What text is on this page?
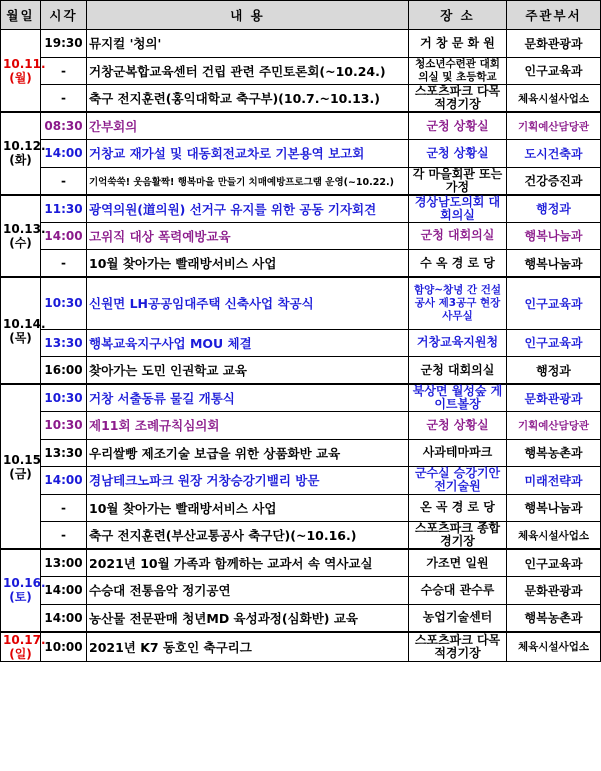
월일	시각	내 용	장 소	주관부서

10.11.
(월)	19:30	뮤지컬 '청의'	거 창 문 화 원	문화관광과
	-	거창군복합교육센터 건립 관련 주민토론회(~10.24.)	청소년수련관 대회의실 및 초등학교	인구교육과
	-	축구 전지훈련(홍익대학교 축구부)(10.7.~10.13.)	스포츠파크 다목적경기장	체육시설사업소

10.12.
(화)	08:30	간부회의	군청 상황실	기획예산담당관
	14:00	거창교 재가설 및 대동회전교차로 기본용역 보고회	군청 상황실	도시건축과
	-	기억쑥쑥! 웃음활짝! 행복마을 만들기 치매예방프로그램 운영(~10.22.)	각 마을회관 또는 가정	건강증진과

10.13.
(수)	11:30	광역의원(道의원) 선거구 유지를 위한 공동 기자회견	경상남도의회 대회의실	행정과
	14:00	고위직 대상 폭력예방교육	군청 대회의실	행복나눔과
	-	10월 찾아가는 빨래방서비스 사업	수 옥 경 로 당	행복나눔과

10.14.
(목)	10:30	신원면 LH공공임대주택 신축사업 착공식	함양~창녕 간 건설공사 제3공구 현장사무실	인구교육과
	13:30	행복교육지구사업 MOU 체결	거창교육지원청	인구교육과
	16:00	찾아가는 도민 인권학교 교육	군청 대회의실	행정과

10.15
(금)	10:30	거창 서출동류 물길 개통식	북상면 월성숲 게이트볼장	문화관광과
	10:30	제11회 조례규칙심의회	군청 상황실	기획예산담당관
	13:30	우리쌀빵 제조기술 보급을 위한 상품화반 교육	사과테마파크	행복농촌과
	14:00	경남테크노파크 원장 거창승강기밸리 방문	군수실 승강기안전기술원	미래전략과
	-	10월 찾아가는 빨래방서비스 사업	온 곡 경 로 당	행복나눔과
	-	축구 전지훈련(부산교통공사 축구단)(~10.16.)	스포츠파크 종합경기장	체육시설사업소

10.16.
(토)	13:00	2021년 10월 가족과 함께하는 교과서 속 역사교실	가조면 일원	인구교육과
	14:00	수승대 전통음악 정기공연	수승대 관수루	문화관광과
	14:00	농산물 전문판매 청년MD 육성과정(심화반) 교육	농업기술센터	행복농촌과

10.17.
(일)	10:00	2021년 K7 동호인 축구리그	스포츠파크 다목적경기장	체육시설사업소
